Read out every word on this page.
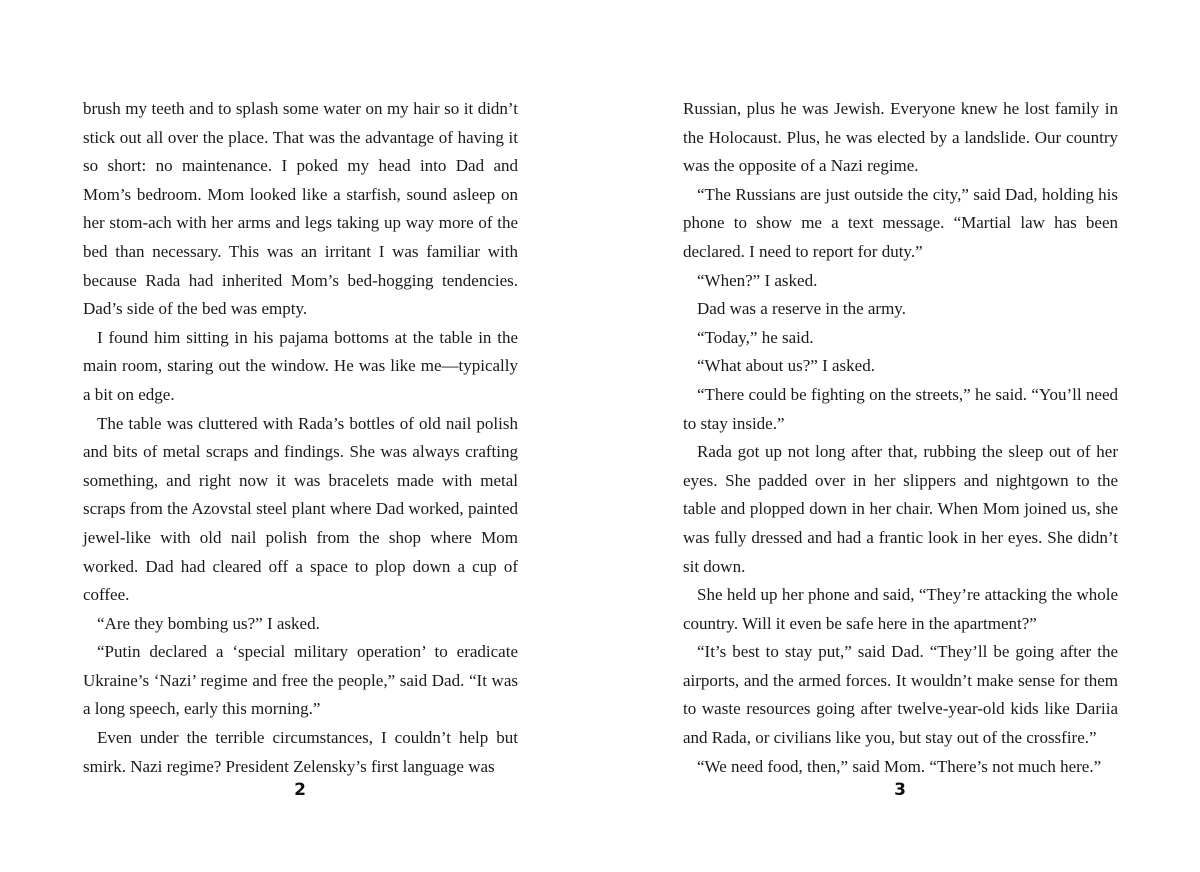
brush my teeth and to splash some water on my hair so it didn’t stick out all over the place. That was the advantage of having it so short: no maintenance. I poked my head into Dad and Mom’s bedroom. Mom looked like a starfish, sound asleep on her stom-ach with her arms and legs taking up way more of the bed than necessary. This was an irritant I was familiar with because Rada had inherited Mom’s bed-hogging tendencies. Dad’s side of the bed was empty.

I found him sitting in his pajama bottoms at the table in the main room, staring out the window. He was like me—typically a bit on edge.

The table was cluttered with Rada’s bottles of old nail polish and bits of metal scraps and findings. She was always crafting something, and right now it was bracelets made with metal scraps from the Azovstal steel plant where Dad worked, painted jewel-like with old nail polish from the shop where Mom worked. Dad had cleared off a space to plop down a cup of coffee.

“Are they bombing us?” I asked.

“Putin declared a ‘special military operation’ to eradicate Ukraine’s ‘Nazi’ regime and free the people,” said Dad. “It was a long speech, early this morning.”

Even under the terrible circumstances, I couldn’t help but smirk. Nazi regime? President Zelensky’s first language was

Russian, plus he was Jewish. Everyone knew he lost family in the Holocaust. Plus, he was elected by a landslide. Our country was the opposite of a Nazi regime.

“The Russians are just outside the city,” said Dad, holding his phone to show me a text message. “Martial law has been declared. I need to report for duty.”

“When?” I asked.

Dad was a reserve in the army.

“Today,” he said.

“What about us?” I asked.

“There could be fighting on the streets,” he said. “You’ll need to stay inside.”

Rada got up not long after that, rubbing the sleep out of her eyes. She padded over in her slippers and nightgown to the table and plopped down in her chair. When Mom joined us, she was fully dressed and had a frantic look in her eyes. She didn’t sit down.

She held up her phone and said, “They’re attacking the whole country. Will it even be safe here in the apartment?”

“It’s best to stay put,” said Dad. “They’ll be going after the airports, and the armed forces. It wouldn’t make sense for them to waste resources going after twelve-year-old kids like Dariia and Rada, or civilians like you, but stay out of the crossfire.”

“We need food, then,” said Mom. “There’s not much here.”

2	3
